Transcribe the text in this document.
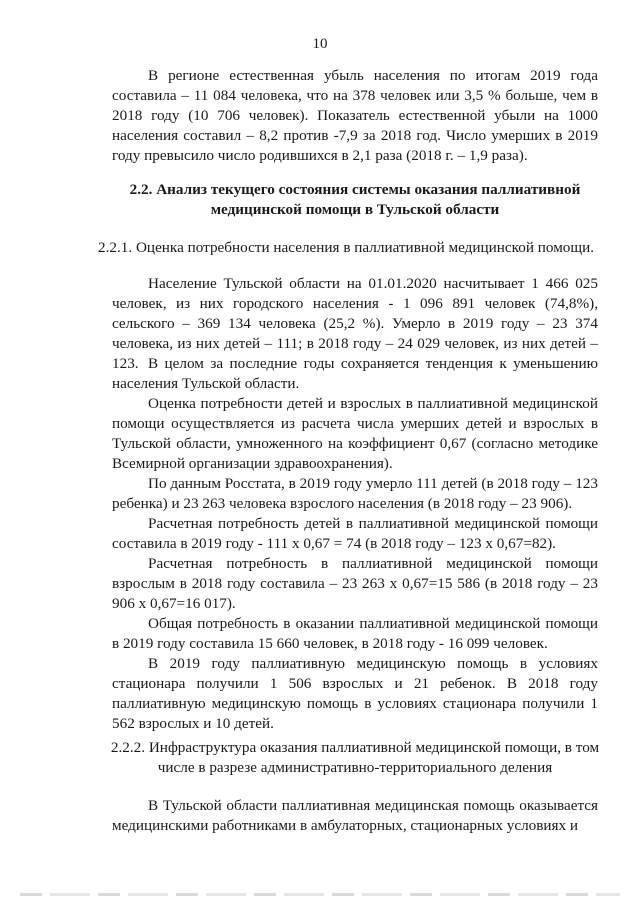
10

В регионе естественная убыль населения по итогам 2019 года составила – 11 084 человека, что на 378 человек или 3,5 % больше, чем в 2018 году (10 706 человек). Показатель естественной убыли на 1000 населения составил – 8,2 против -7,9 за 2018 год. Число умерших в 2019 году превысило число родившихся в 2,1 раза (2018 г. – 1,9 раза).

2.2. Анализ текущего состояния системы оказания паллиативной медицинской помощи в Тульской области

2.2.1. Оценка потребности населения в паллиативной медицинской помощи.

Население Тульской области на 01.01.2020 насчитывает 1 466 025 человек, из них городского населения - 1 096 891 человек (74,8%), сельского – 369 134 человека (25,2 %). Умерло в 2019 году – 23 374 человека, из них детей – 111; в 2018 году – 24 029 человек, из них детей – 123. В целом за последние годы сохраняется тенденция к уменьшению населения Тульской области.

Оценка потребности детей и взрослых в паллиативной медицинской помощи осуществляется из расчета числа умерших детей и взрослых в Тульской области, умноженного на коэффициент 0,67 (согласно методике Всемирной организации здравоохранения).

По данным Росстата, в 2019 году умерло 111 детей (в 2018 году – 123 ребенка) и 23 263 человека взрослого населения (в 2018 году – 23 906).

Расчетная потребность детей в паллиативной медицинской помощи составила в 2019 году - 111 х 0,67 = 74 (в 2018 году – 123 х 0,67=82).

Расчетная потребность в паллиативной медицинской помощи взрослым в 2018 году составила – 23 263 х 0,67=15 586 (в 2018 году – 23 906 х 0,67=16 017).

Общая потребность в оказании паллиативной медицинской помощи в 2019 году составила 15 660 человек, в 2018 году - 16 099 человек.

В 2019 году паллиативную медицинскую помощь в условиях стационара получили 1 506 взрослых и 21 ребенок. В 2018 году паллиативную медицинскую помощь в условиях стационара получили 1 562 взрослых и 10 детей.

2.2.2. Инфраструктура оказания паллиативной медицинской помощи, в том числе в разрезе административно-территориального деления

В Тульской области паллиативная медицинская помощь оказывается медицинскими работниками в амбулаторных, стационарных условиях и
